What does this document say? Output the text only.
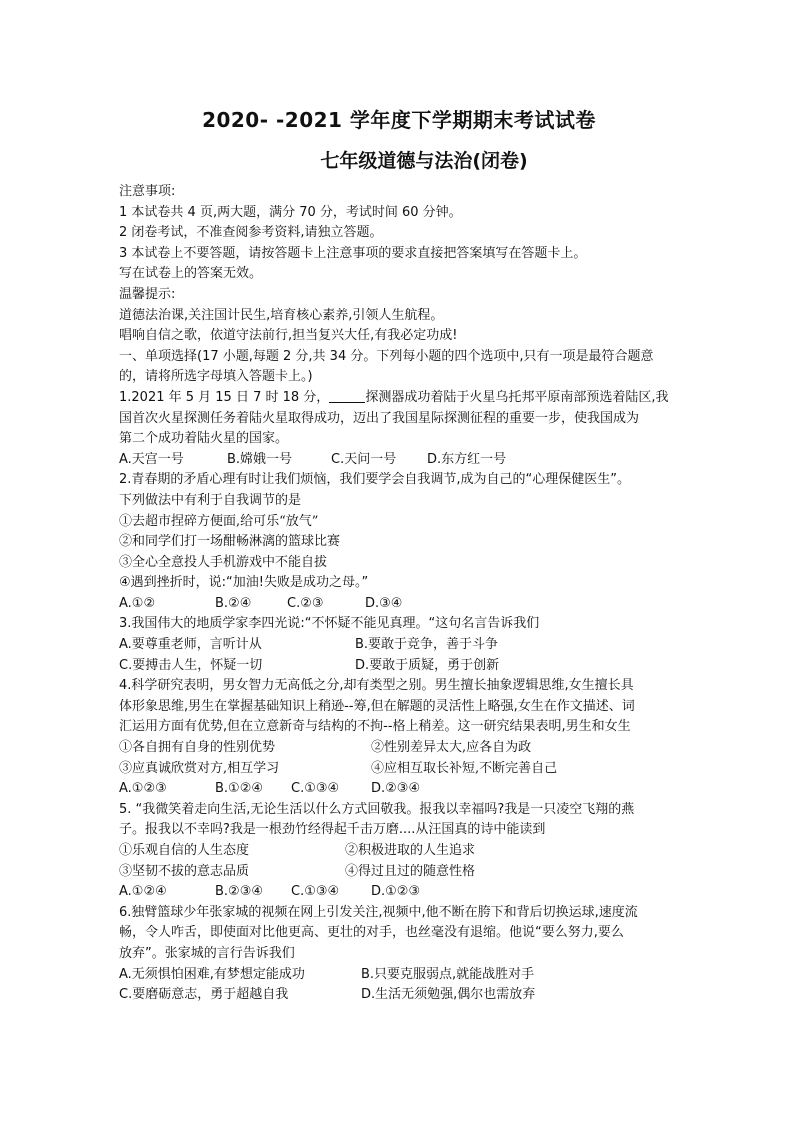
2020- -2021 学年度下学期期末考试试卷
七年级道德与法治(闭卷)
注意事项:
1 本试卷共 4 页,两大题，满分 70 分，考试时间 60 分钟。
2 闭卷考试，不准查阅参考资料,请独立答题。
3 本试卷上不要答题，请按答题卡上注意事项的要求直接把答案填写在答题卡上。
写在试卷上的答案无效。
温馨提示:
道德法治课,关注国计民生,培育核心素养,引领人生航程。
唱响自信之歌，依道守法前行,担当复兴大任,有我必定功成!
一、单项选择(17 小题,每题 2 分,共 34 分。下列每小题的四个选项中,只有一项是最符合题意
的，请将所选字母填入答题卡上。)
1.2021 年 5 月 15 日 7 时 18 分，	探测器成功着陆于火星乌托邦平原南部预选着陆区,我
国首次火星探测任务着陆火星取得成功，迈出了我国星际探测征程的重要一步，使我国成为
第二个成功着陆火星的国家。
A.天宫一号	B.嫦娥一号	C.天问一号	D.东方红一号
2.青春期的矛盾心理有时让我们烦恼，我们要学会自我调节,成为自己的“心理保健医生”。
下列做法中有利于自我调节的是
①去超市捏碎方便面,给可乐“放气”
②和同学们打一场酣畅淋漓的篮球比赛
③全心全意投人手机游戏中不能自拔
④遇到挫折时，说:“加油!失败是成功之母。”
A.①②	B.②④	C.②③	D.③④
3.我国伟大的地质学家李四光说:“不怀疑不能见真理。“这句名言告诉我们
A.要尊重老师，言听计从	B.要敢于竞争，善于斗争
C.要搏击人生，怀疑一切	D.要敢于质疑，勇于创新
4.科学研究表明，男女智力无高低之分,却有类型之别。男生擅长抽象逻辑思维,女生擅长具
体形象思维,男生在掌握基础知识上稍逊--筹,但在解题的灵活性上略强,女生在作文描述、词
汇运用方面有优势,但在立意新奇与结构的不拘--格上稍差。这一研究结果表明,男生和女生
①各自拥有自身的性别优势	②性别差异太大,应各自为政
③应真诚欣赏对方,相互学习	④应相互取长补短,不断完善自己
A.①②③	B.①②④	C.①③④	D.②③④
5. “我微笑着走向生活,无论生活以什么方式回敬我。报我以幸福吗?我是一只凌空飞翔的燕
子。报我以不幸吗?我是一根劲竹经得起千击万磨....从汪国真的诗中能读到
①乐观自信的人生态度	②积极进取的人生追求
③坚韧不拔的意志品质	④得过且过的随意性格
A.①②④	B.②③④	C.①③④	D.①②③
6.独臂篮球少年张家城的视频在网上引发关注,视频中,他不断在胯下和背后切换运球,速度流
畅，令人咋舌，即使面对比他更高、更壮的对手，也丝毫没有退缩。他说“要么努力,要么
放弃”。张家城的言行告诉我们
A.无须惧怕困难,有梦想定能成功	B.只要克服弱点,就能战胜对手
C.要磨砺意志，勇于超越自我	D.生活无须勉强,偶尔也需放弃
